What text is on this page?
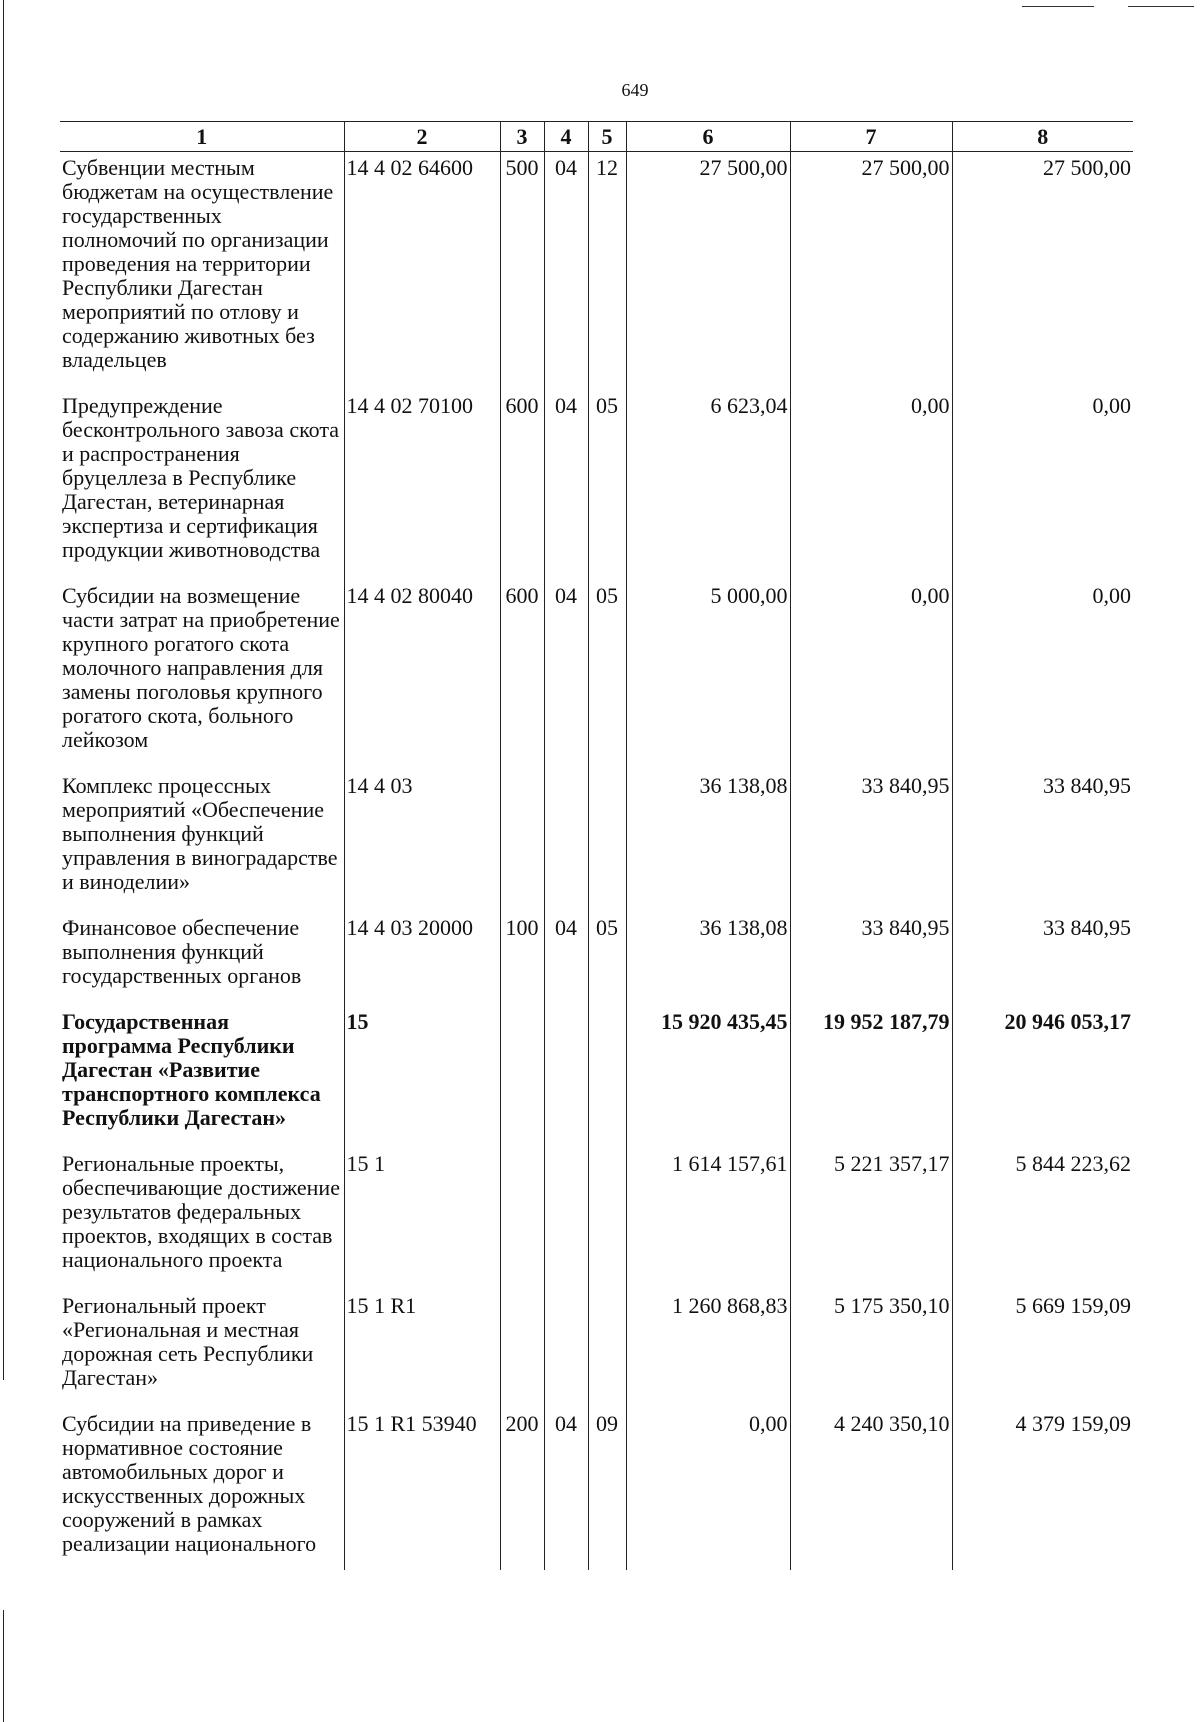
649
1	2	3	4	5	6	7	8
Субвенции местным бюджетам на осуществление государственных полномочий по организации проведения на территории Республики Дагестан мероприятий по отлову и содержанию животных без владельцев	14 4 02 64600	500	04	12	27 500,00	27 500,00	27 500,00
Предупреждение бесконтрольного завоза скота и распространения бруцеллеза в Республике Дагестан, ветеринарная экспертиза и сертификация продукции животноводства	14 4 02 70100	600	04	05	6 623,04	0,00	0,00
Субсидии на возмещение части затрат на приобретение крупного рогатого скота молочного направления для замены поголовья крупного рогатого скота, больного лейкозом	14 4 02 80040	600	04	05	5 000,00	0,00	0,00
Комплекс процессных мероприятий «Обеспечение выполнения функций управления в виноградарстве и виноделии»	14 4 03				36 138,08	33 840,95	33 840,95
Финансовое обеспечение выполнения функций государственных органов	14 4 03 20000	100	04	05	36 138,08	33 840,95	33 840,95
Государственная программа Республики Дагестан «Развитие транспортного комплекса Республики Дагестан»	15				15 920 435,45	19 952 187,79	20 946 053,17
Региональные проекты, обеспечивающие достижение результатов федеральных проектов, входящих в состав национального проекта	15 1				1 614 157,61	5 221 357,17	5 844 223,62
Региональный проект «Региональная и местная дорожная сеть Республики Дагестан»	15 1 R1				1 260 868,83	5 175 350,10	5 669 159,09
Субсидии на приведение в нормативное состояние автомобильных дорог и искусственных дорожных сооружений в рамках реализации национального	15 1 R1 53940	200	04	09	0,00	4 240 350,10	4 379 159,09
